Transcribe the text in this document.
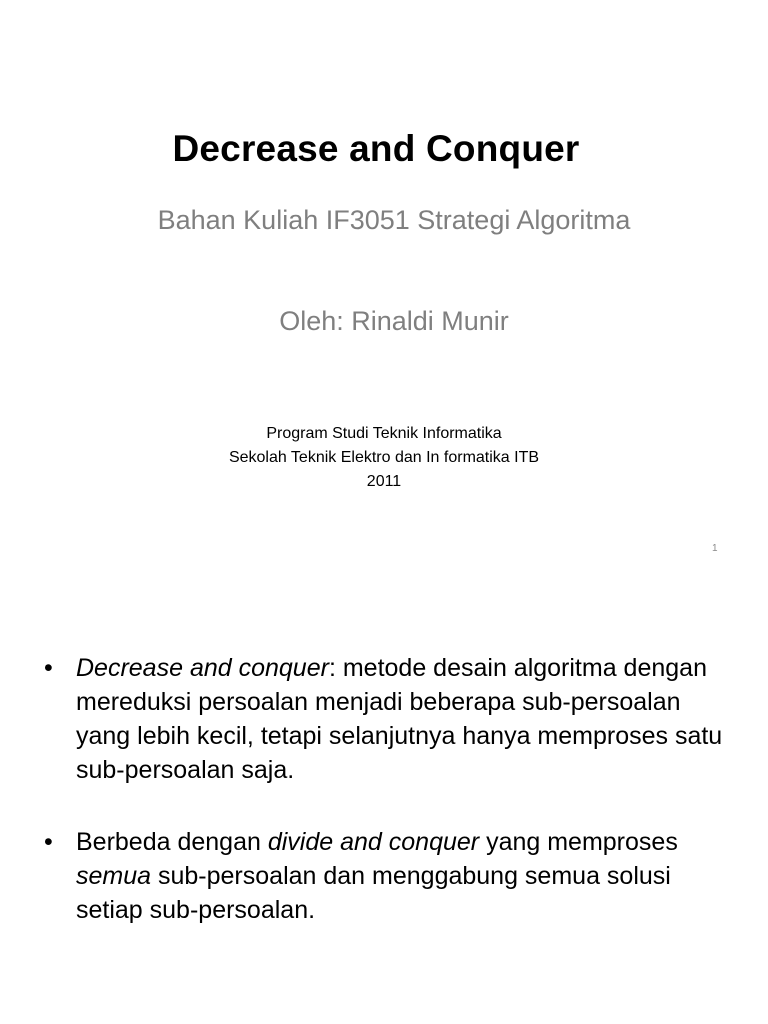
Decrease and Conquer
Bahan Kuliah IF3051 Strategi Algoritma
Oleh: Rinaldi Munir
Program Studi Teknik Informatika
Sekolah Teknik Elektro dan In formatika ITB
2011
1
• Decrease and conquer: metode desain algoritma dengan mereduksi persoalan menjadi beberapa sub-persoalan yang lebih kecil, tetapi selanjutnya hanya memproses satu sub-persoalan saja.
• Berbeda dengan divide and conquer yang memproses semua sub-persoalan dan menggabung semua solusi setiap sub-persoalan.
